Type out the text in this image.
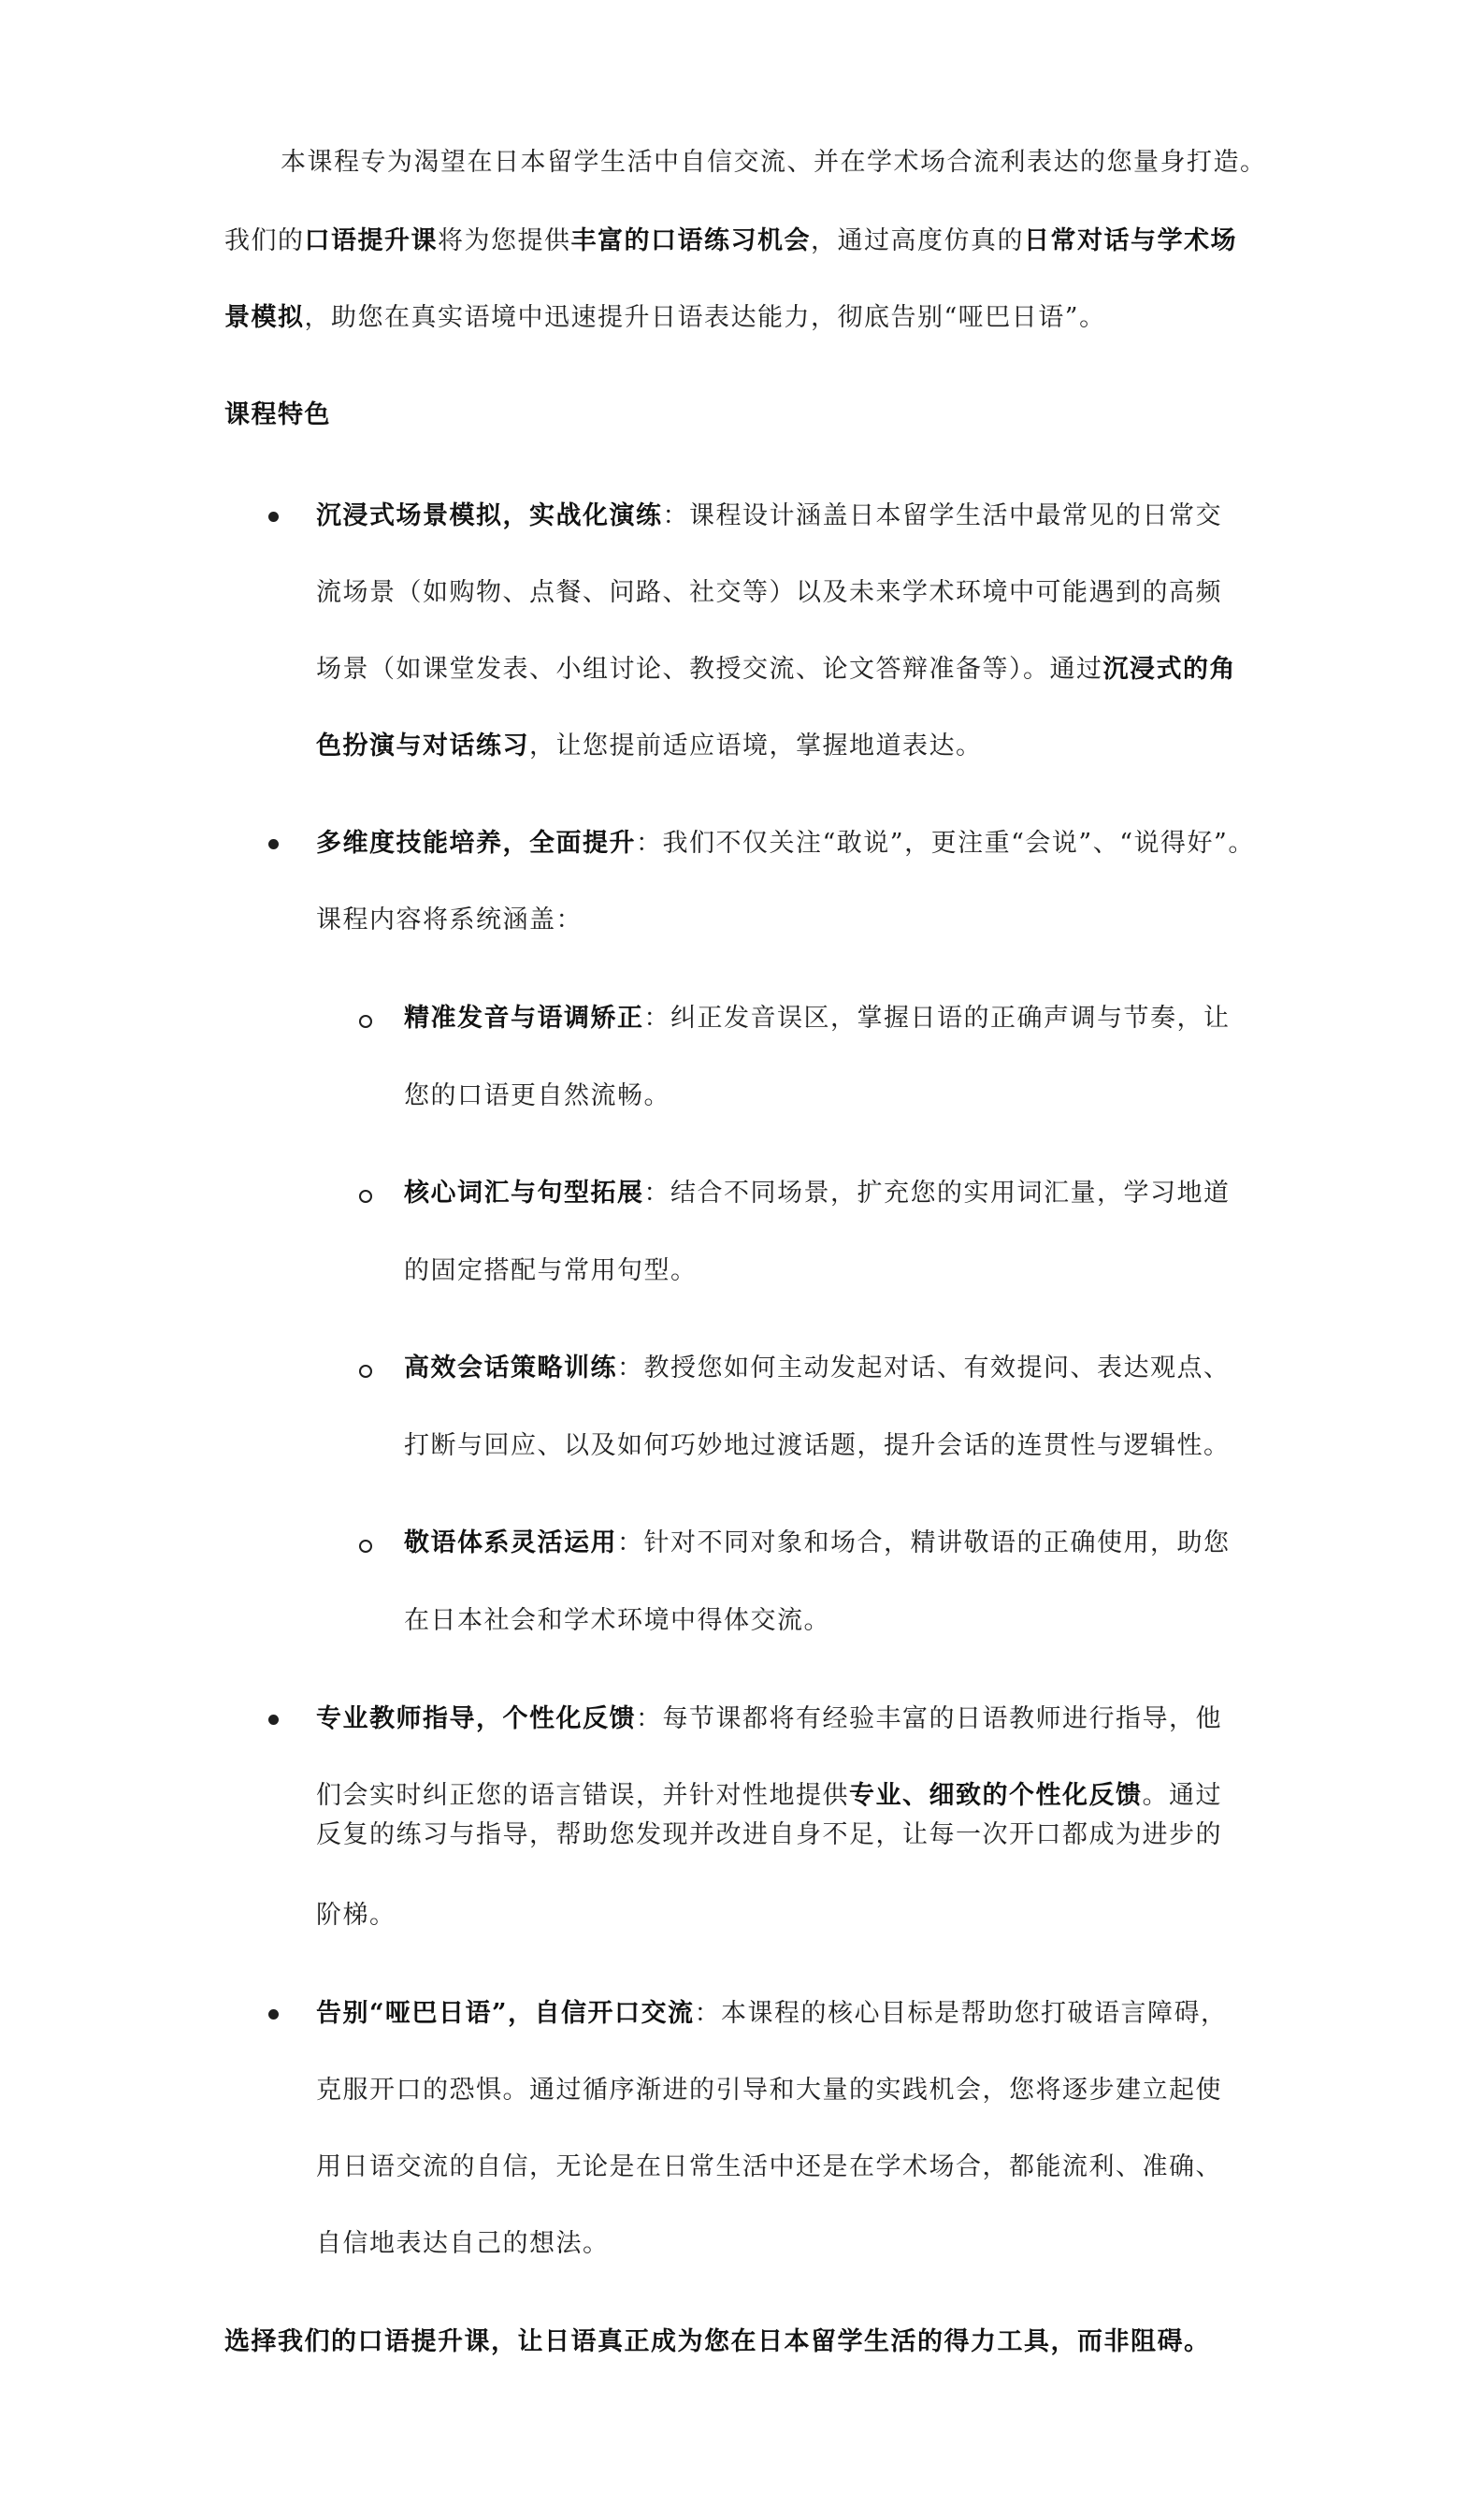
本课程专为渴望在日本留学生活中自信交流、并在学术场合流利表达的您量身打造。
我们的口语提升课将为您提供丰富的口语练习机会，通过高度仿真的日常对话与学术场
景模拟，助您在真实语境中迅速提升日语表达能力，彻底告别“哑巴日语”。
课程特色
沉浸式场景模拟，实战化演练：课程设计涵盖日本留学生活中最常见的日常交
流场景（如购物、点餐、问路、社交等）以及未来学术环境中可能遇到的高频
场景（如课堂发表、小组讨论、教授交流、论文答辩准备等）。通过沉浸式的角
色扮演与对话练习，让您提前适应语境，掌握地道表达。
多维度技能培养，全面提升：我们不仅关注“敢说”，更注重“会说”、“说得好”。
课程内容将系统涵盖：
精准发音与语调矫正：纠正发音误区，掌握日语的正确声调与节奏，让
您的口语更自然流畅。
核心词汇与句型拓展：结合不同场景，扩充您的实用词汇量，学习地道
的固定搭配与常用句型。
高效会话策略训练：教授您如何主动发起对话、有效提问、表达观点、
打断与回应、以及如何巧妙地过渡话题，提升会话的连贯性与逻辑性。
敬语体系灵活运用：针对不同对象和场合，精讲敬语的正确使用，助您
在日本社会和学术环境中得体交流。
专业教师指导，个性化反馈：每节课都将有经验丰富的日语教师进行指导，他
们会实时纠正您的语言错误，并针对性地提供专业、细致的个性化反馈。通过
反复的练习与指导，帮助您发现并改进自身不足，让每一次开口都成为进步的
阶梯。
告别“哑巴日语”，自信开口交流：本课程的核心目标是帮助您打破语言障碍，
克服开口的恐惧。通过循序渐进的引导和大量的实践机会，您将逐步建立起使
用日语交流的自信，无论是在日常生活中还是在学术场合，都能流利、准确、
自信地表达自己的想法。
选择我们的口语提升课，让日语真正成为您在日本留学生活的得力工具，而非阻碍。
